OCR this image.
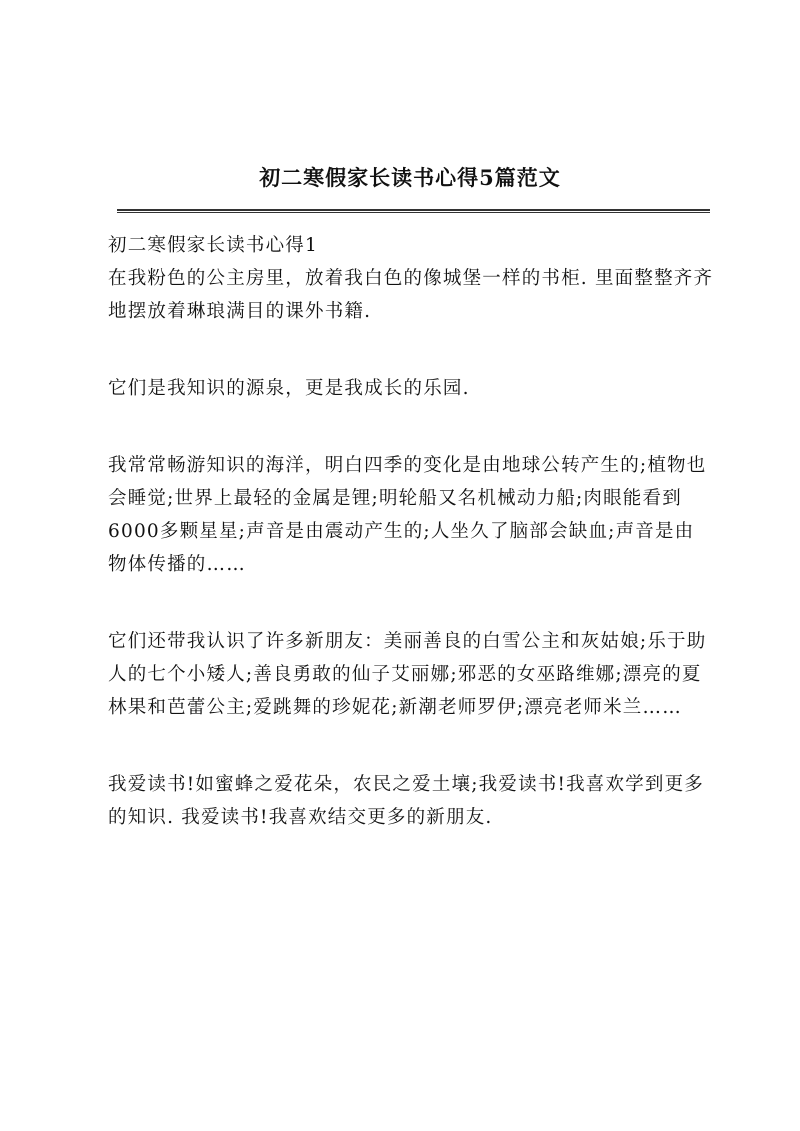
初二寒假家长读书心得5篇范文

初二寒假家长读书心得1

在我粉色的公主房里，放着我白色的像城堡一样的书柜. 里面整整齐齐地摆放着琳琅满目的课外书籍.

它们是我知识的源泉，更是我成长的乐园.

我常常畅游知识的海洋，明白四季的变化是由地球公转产生的;植物也会睡觉;世界上最轻的金属是锂;明轮船又名机械动力船;肉眼能看到6000多颗星星;声音是由震动产生的;人坐久了脑部会缺血;声音是由物体传播的……

它们还带我认识了许多新朋友：美丽善良的白雪公主和灰姑娘;乐于助人的七个小矮人;善良勇敢的仙子艾丽娜;邪恶的女巫路维娜;漂亮的夏林果和芭蕾公主;爱跳舞的珍妮花;新潮老师罗伊;漂亮老师米兰……

我爱读书!如蜜蜂之爱花朵，农民之爱土壤;我爱读书!我喜欢学到更多的知识. 我爱读书!我喜欢结交更多的新朋友.
